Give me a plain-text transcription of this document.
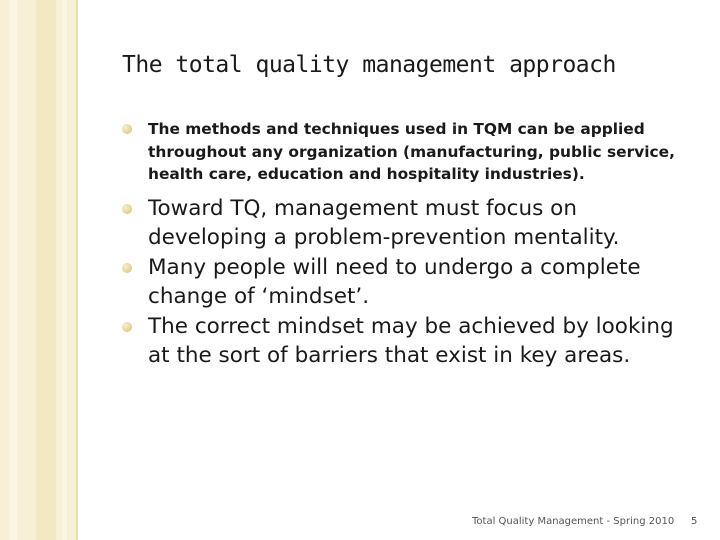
The total quality management approach
The methods and techniques used in TQM can be applied throughout any organization (manufacturing, public service, health care, education and hospitality industries).
Toward TQ, management must focus on developing a problem-prevention mentality.
Many people will need to undergo a complete change of ‘mindset’.
The correct mindset may be achieved by looking at the sort of barriers that exist in key areas.
Total Quality Management - Spring 2010 5
